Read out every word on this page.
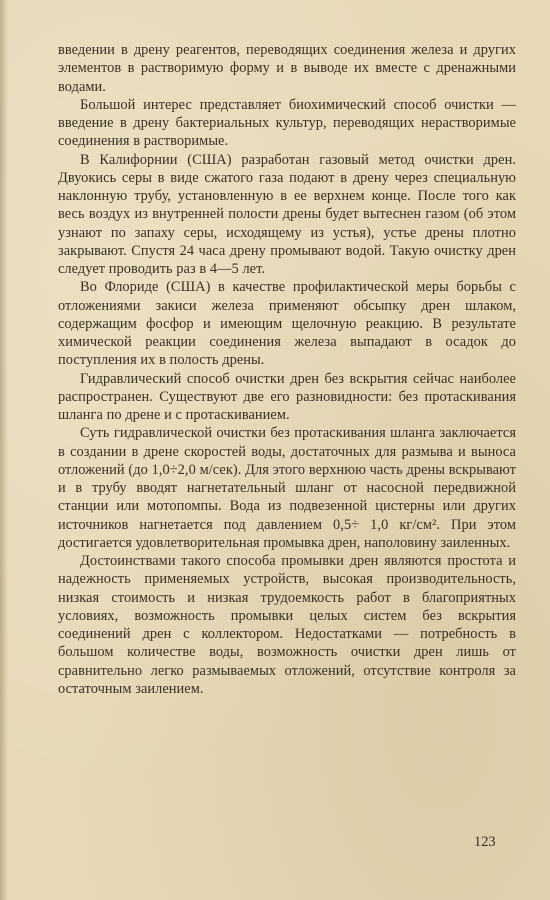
введении в дрену реагентов, переводящих соединения железа и других элементов в растворимую форму и в выводе их вместе с дренажными водами.

Большой интерес представляет биохимический способ очистки — введение в дрену бактериальных культур, переводящих нерастворимые соединения в растворимые.

В Калифорнии (США) разработан газовый метод очистки дрен. Двуокись серы в виде сжатого газа подают в дрену через специальную наклонную трубу, установленную в ее верхнем конце. После того как весь воздух из внутренней полости дрены будет вытеснен газом (об этом узнают по запаху серы, исходящему из устья), устье дрены плотно закрывают. Спустя 24 часа дрену промывают водой. Такую очистку дрен следует проводить раз в 4—5 лет.

Во Флориде (США) в качестве профилактической меры борьбы с отложениями закиси железа применяют обсыпку дрен шлаком, содержащим фосфор и имеющим щелочную реакцию. В результате химической реакции соединения железа выпадают в осадок до поступления их в полость дрены.

Гидравлический способ очистки дрен без вскрытия сейчас наиболее распространен. Существуют две его разновидности: без протаскивания шланга по дрене и с протаскиванием.

Суть гидравлической очистки без протаскивания шланга заключается в создании в дрене скоростей воды, достаточных для размыва и выноса отложений (до 1,0÷2,0 м/сек). Для этого верхнюю часть дрены вскрывают и в трубу вводят нагнетательный шланг от насосной передвижной станции или мотопомпы. Вода из подвезенной цистерны или других источников нагнетается под давлением 0,5÷ 1,0 кг/см². При этом достигается удовлетворительная промывка дрен, наполовину заиленных.

Достоинствами такого способа промывки дрен являются простота и надежность применяемых устройств, высокая производительность, низкая стоимость и низкая трудоемкость работ в благоприятных условиях, возможность промывки целых систем без вскрытия соединений дрен с коллектором. Недостатками — потребность в большом количестве воды, возможность очистки дрен лишь от сравнительно легко размываемых отложений, отсутствие контроля за остаточным заилением.

123
